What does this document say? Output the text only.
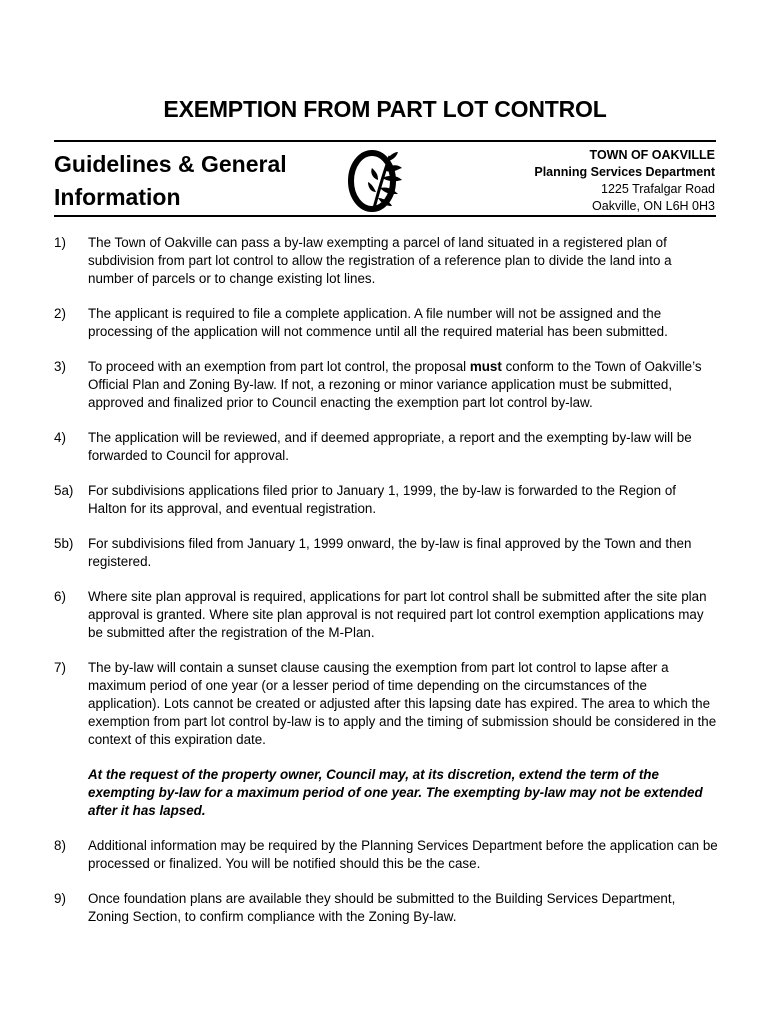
EXEMPTION FROM PART LOT CONTROL
Guidelines & General
Information
TOWN OF OAKVILLE
Planning Services Department
1225 Trafalgar Road
Oakville, ON L6H 0H3
1)	The Town of Oakville can pass a by-law exempting a parcel of land situated in a registered plan of subdivision from part lot control to allow the registration of a reference plan to divide the land into a number of parcels or to change existing lot lines.
2)	The applicant is required to file a complete application. A file number will not be assigned and the processing of the application will not commence until all the required material has been submitted.
3)	To proceed with an exemption from part lot control, the proposal must conform to the Town of Oakville’s Official Plan and Zoning By-law. If not, a rezoning or minor variance application must be submitted, approved and finalized prior to Council enacting the exemption part lot control by-law.
4)	The application will be reviewed, and if deemed appropriate, a report and the exempting by-law will be forwarded to Council for approval.
5a)	For subdivisions applications filed prior to January 1, 1999, the by-law is forwarded to the Region of Halton for its approval, and eventual registration.
5b)	For subdivisions filed from January 1, 1999 onward, the by-law is final approved by the Town and then registered.
6)	Where site plan approval is required, applications for part lot control shall be submitted after the site plan approval is granted. Where site plan approval is not required part lot control exemption applications may be submitted after the registration of the M-Plan.
7)	The by-law will contain a sunset clause causing the exemption from part lot control to lapse after a maximum period of one year (or a lesser period of time depending on the circumstances of the application). Lots cannot be created or adjusted after this lapsing date has expired. The area to which the exemption from part lot control by-law is to apply and the timing of submission should be considered in the context of this expiration date.
At the request of the property owner, Council may, at its discretion, extend the term of the exempting by-law for a maximum period of one year. The exempting by-law may not be extended after it has lapsed.
8)	Additional information may be required by the Planning Services Department before the application can be processed or finalized. You will be notified should this be the case.
9)	Once foundation plans are available they should be submitted to the Building Services Department, Zoning Section, to confirm compliance with the Zoning By-law.
